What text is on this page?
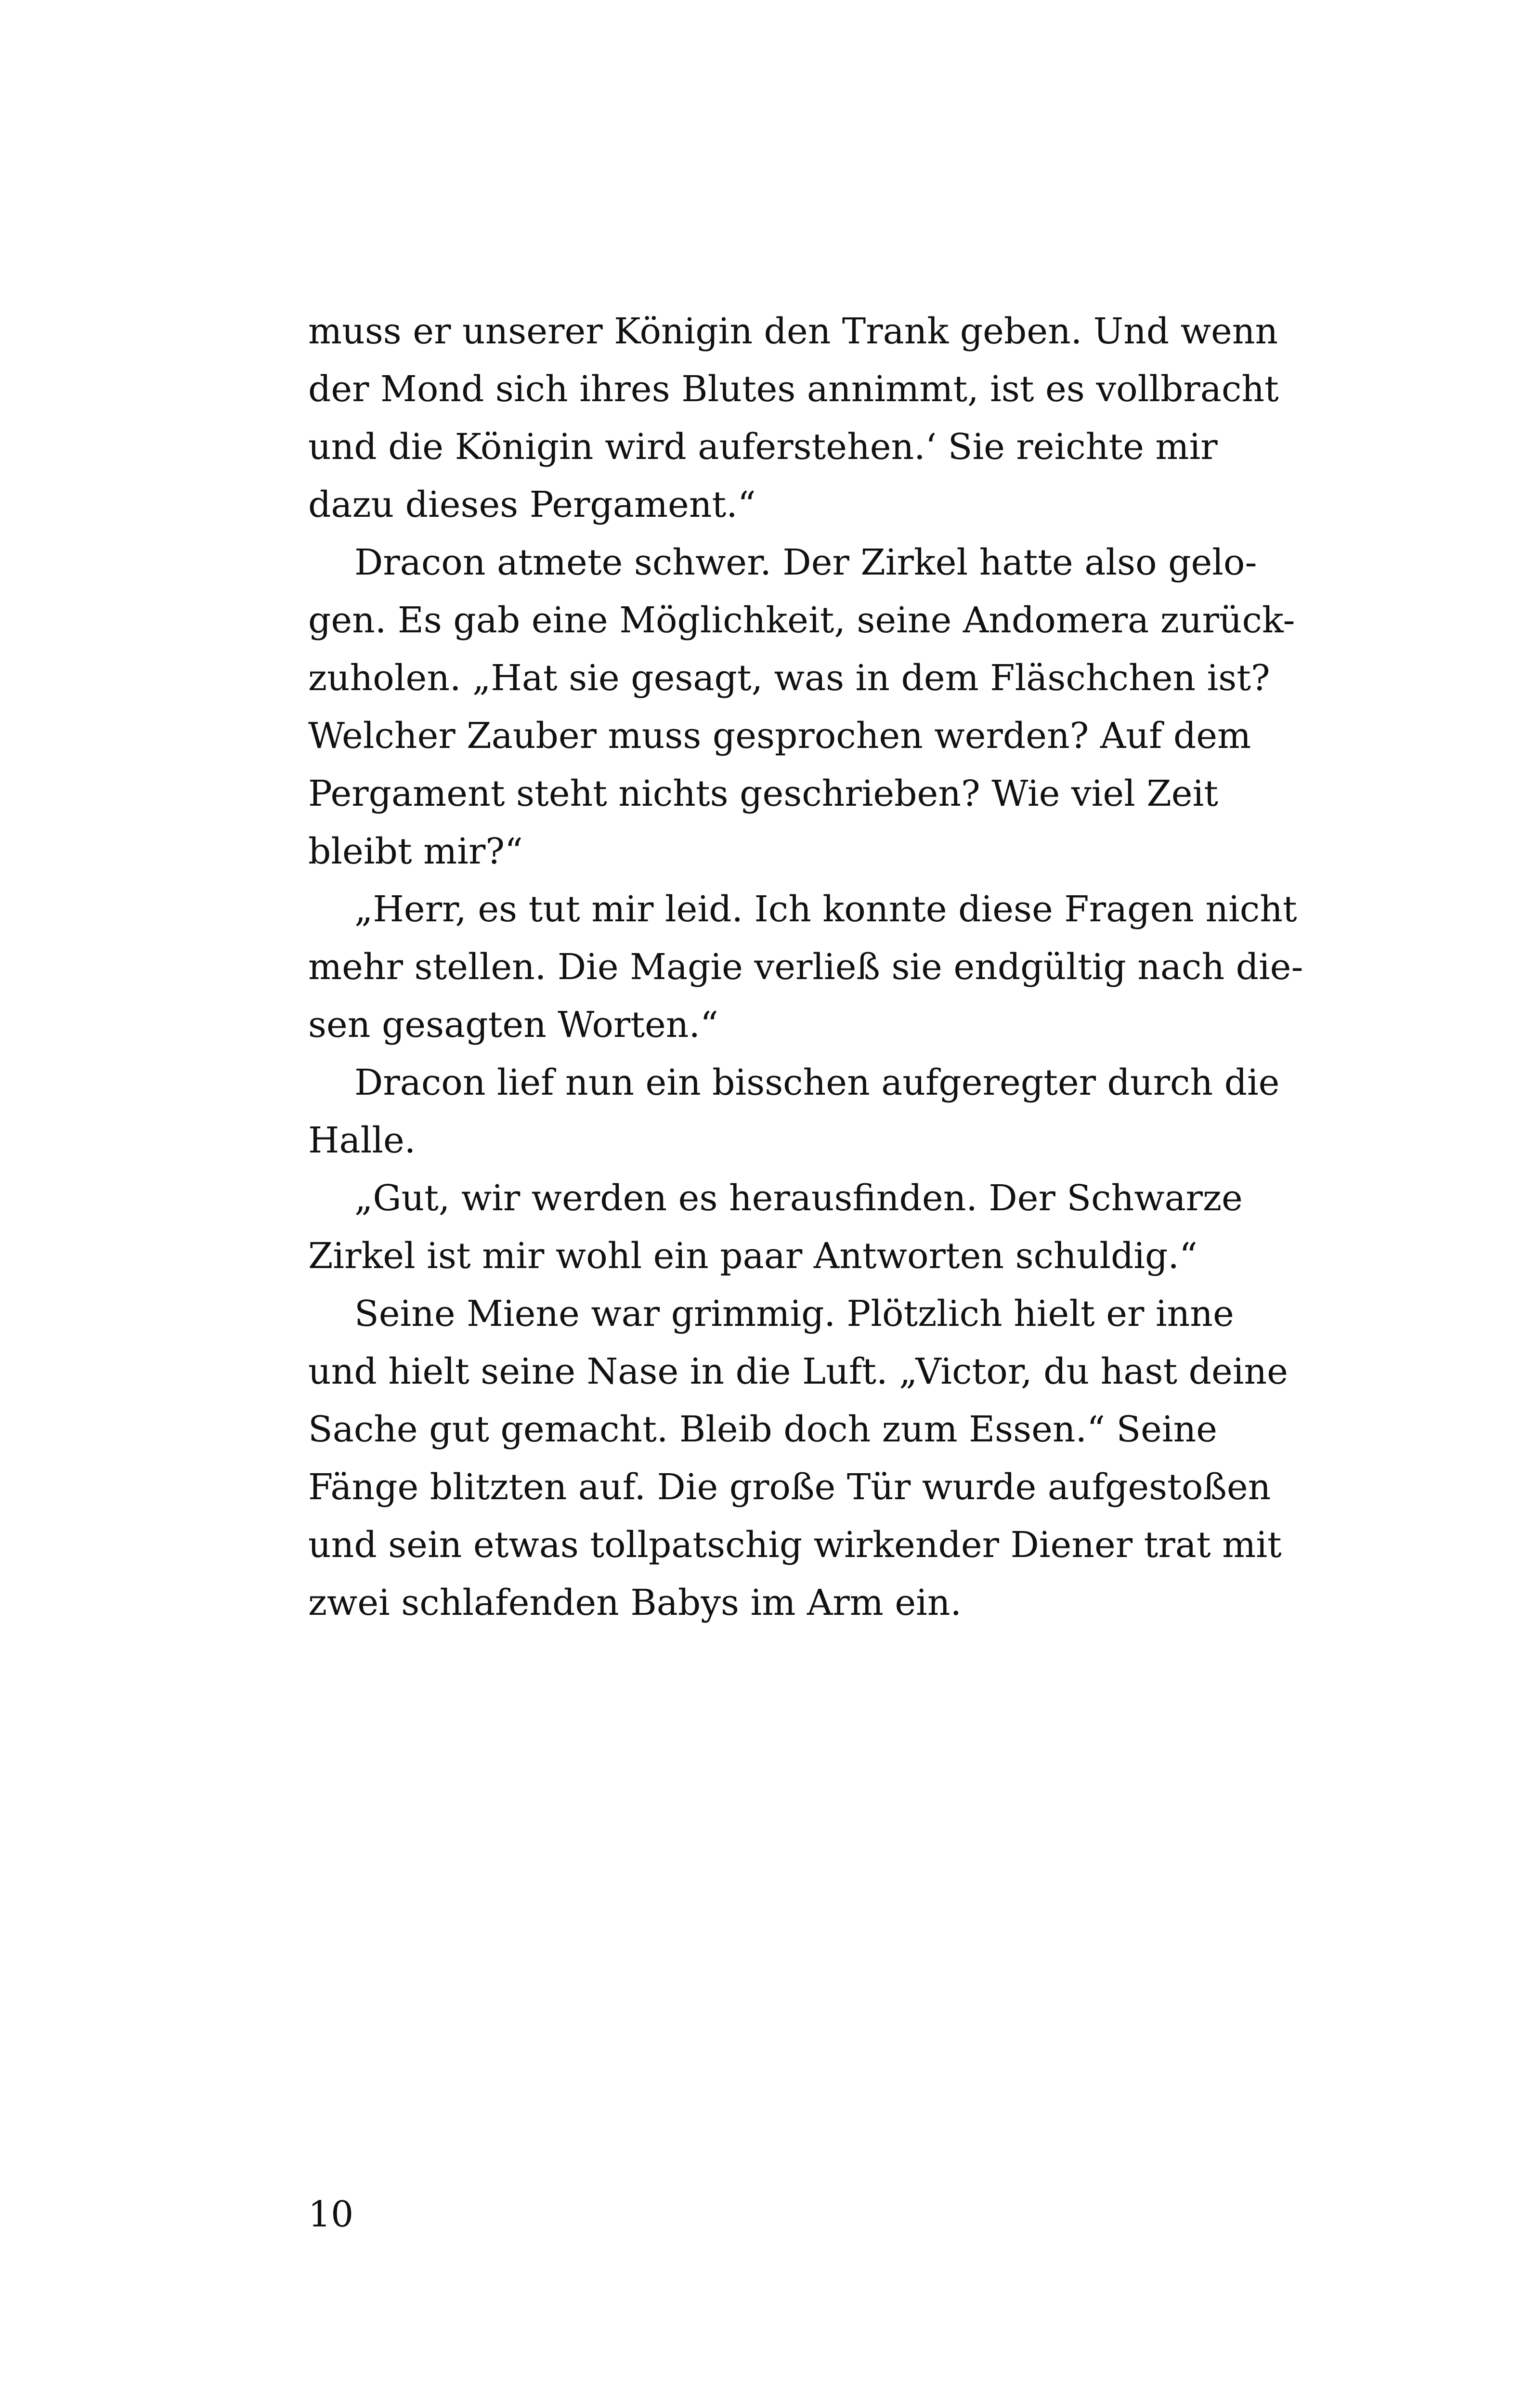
muss er unserer Königin den Trank geben. Und wenn
der Mond sich ihres Blutes annimmt, ist es vollbracht
und die Königin wird auferstehen.‘ Sie reichte mir
dazu dieses Pergament.“
Dracon atmete schwer. Der Zirkel hatte also gelo-
gen. Es gab eine Möglichkeit, seine Andomera zurück-
zuholen. „Hat sie gesagt, was in dem Fläschchen ist?
Welcher Zauber muss gesprochen werden? Auf dem
Pergament steht nichts geschrieben? Wie viel Zeit
bleibt mir?“
„Herr, es tut mir leid. Ich konnte diese Fragen nicht
mehr stellen. Die Magie verließ sie endgültig nach die-
sen gesagten Worten.“
Dracon lief nun ein bisschen aufgeregter durch die
Halle.
„Gut, wir werden es herausfinden. Der Schwarze
Zirkel ist mir wohl ein paar Antworten schuldig.“
Seine Miene war grimmig. Plötzlich hielt er inne
und hielt seine Nase in die Luft. „Victor, du hast deine
Sache gut gemacht. Bleib doch zum Essen.“ Seine
Fänge blitzten auf. Die große Tür wurde aufgestoßen
und sein etwas tollpatschig wirkender Diener trat mit
zwei schlafenden Babys im Arm ein.
10
